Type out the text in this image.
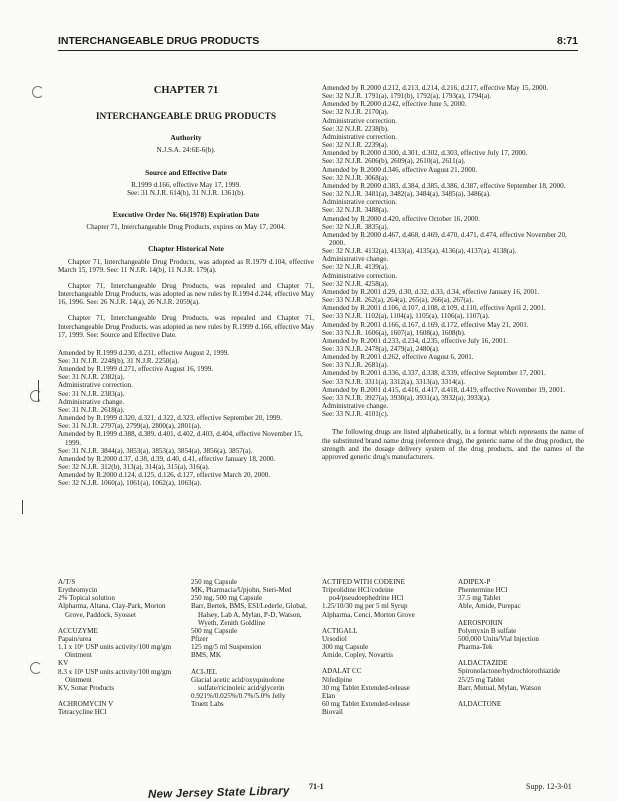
INTERCHANGEABLE DRUG PRODUCTS	8:71
CHAPTER 71
INTERCHANGEABLE DRUG PRODUCTS
Authority
N.J.S.A. 24:6E-6(b).
Source and Effective Date
R.1999 d.166, effective May 17, 1999.
See: 31 N.J.R. 614(b), 31 N.J.R. 1361(b).
Executive Order No. 66(1978) Expiration Date
Chapter 71, Interchangeable Drug Products, expires on May 17, 2004.
Chapter Historical Note
Chapter 71, Interchangeable Drug Products, was adopted as R.1979 d.104, effective March 15, 1979. See: 11 N.J.R. 14(b), 11 N.J.R. 179(a).
Chapter 71, Interchangeable Drug Products, was repealed and Chapter 71, Interchangeable Drug Products, was adopted as new rules by R.1994 d.244, effective May 16, 1996. See: 26 N.J.R. 14(a), 26 N.J.R. 2059(a).
Chapter 71, Interchangeable Drug Products, was repealed and Chapter 71, Interchangeable Drug Products, was adopted as new rules by R.1999 d.166, effective May 17, 1999. See: Source and Effective Date.
Amended by R.1999 d.230, d.231, effective August 2, 1999.
See: 31 N.J.R. 2248(b), 31 N.J.R. 2250(a).
Amended by R.1999 d.271, effective August 16, 1999.
See: 31 N.J.R. 2382(a).
Administrative correction.
See: 31 N.J.R. 2383(a).
Administrative change.
See: 31 N.J.R. 2618(a).
Amended by R.1999 d.320, d.321, d.322, d.323, effective September 20, 1999.
See: 31 N.J.R. 2797(a), 2799(a), 2800(a), 2801(a).
Amended by R.1999 d.388, d.389, d.401, d.402, d.403, d.404, effective November 15, 1999.
See: 31 N.J.R. 3844(a), 3853(a), 3853(a), 3854(a), 3856(a), 3857(a).
Amended by R.2000 d.37, d.38, d.39, d.40, d.41, effective January 18, 2000.
See: 32 N.J.R. 312(b), 313(a), 314(a), 315(a), 316(a).
Amended by R.2000 d.124, d.125, d.126, d.127, effective March 20, 2000.
See: 32 N.J.R. 1060(a), 1061(a), 1062(a), 1063(a).
Amended by R.2000 d.212, d.213, d.214, d.216, d.217, effective May 15, 2000.
See: 32 N.J.R. 1791(a), 1791(b), 1792(a), 1793(a), 1794(a).
Amended by R.2000 d.242, effective June 5, 2000.
See: 32 N.J.R. 2170(a).
Administrative correction.
See: 32 N.J.R. 2238(b).
Administrative correction.
See: 32 N.J.R. 2239(a).
Amended by R.2000 d.300, d.301, d.302, d.303, effective July 17, 2000.
See: 32 N.J.R. 2606(b), 2609(a), 2610(a), 2611(a).
Amended by R.2000 d.346, effective August 21, 2000.
See: 32 N.J.R. 3068(a).
Amended by R.2000 d.383, d.384, d.385, d.386, d.387, effective September 18, 2000.
See: 32 N.J.R. 3481(a), 3482(a), 3484(a), 3485(a), 3486(a).
Administrative correction.
See: 32 N.J.R. 3488(a).
Amended by R.2000 d.420, effective October 16, 2000.
See: 32 N.J.R. 3835(a).
Amended by R.2000 d.467, d.468, d.469, d.470, d.471, d.474, effective November 20, 2000.
See: 32 N.J.R. 4132(a), 4133(a), 4135(a), 4136(a), 4137(a), 4138(a).
Administrative change.
See: 32 N.J.R. 4139(a).
Administrative correction.
See: 32 N.J.R. 4258(a).
Amended by R.2001 d.29, d.30, d.32, d.33, d.34, effective January 16, 2001.
See: 33 N.J.R. 262(a), 264(a), 265(a), 266(a), 267(a).
Amended by R.2001 d.106, d.107, d.108, d.109, d.110, effective April 2, 2001.
See: 33 N.J.R. 1102(a), 1104(a), 1105(a), 1106(a), 1107(a).
Amended by R.2001 d.166, d.167, d.169, d.172, effective May 21, 2001.
See: 33 N.J.R. 1606(a), 1607(a), 1608(a), 1608(b).
Amended by R.2001 d.233, d.234, d.235, effective July 16, 2001.
See: 33 N.J.R. 2478(a), 2479(a), 2480(a).
Amended by R.2001 d.262, effective August 6, 2001.
See: 33 N.J.R. 2681(a).
Amended by R.2001 d.336, d.337, d.338, d.339, effective September 17, 2001.
See: 33 N.J.R. 3311(a), 3312(a), 3313(a), 3314(a).
Amended by R.2001 d.415, d.416, d.417, d.418, d.419, effective November 19, 2001.
See: 33 N.J.R. 3927(a), 3930(a), 3931(a), 3932(a), 3933(a).
Administrative change.
See: 33 N.J.R. 4101(c).
The following drugs are listed alphabetically, in a format which represents the name of the substituted brand name drug (reference drug), the generic name of the drug product, the strength and the dosage delivery system of the drug products, and the names of the approved generic drug's manufacturers.
A/T/S
Erythromycin
2% Topical solution
Alpharma, Altana, Clay-Park, Morton Grove, Paddock, Syosset
ACCUZYME
Papain/urea
1.1 x 10⁶ USP units activity/100 mg/gm Ointment
KV
8.3 x 10⁵ USP units activity/100 mg/gm Ointment
KV, Sonar Products
ACHROMYCIN V
Tetracycline HCl
250 mg Capsule
MK, Pharmacia/Upjohn, Steri-Med
250 mg, 500 mg Capsule
Barr, Bertek, BMS, ESI/Lederle, Global, Halsey, Lab A, Mylan, P-D, Watson, Wyeth, Zenith Goldline
500 mg Capsule
Pfizer
125 mg/5 ml Suspension
BMS, MK
ACI-JEL
Glacial acetic acid/oxyquinolone sulfate/ricinoleic acid/glycerin
0.921%/0.025%/0.7%/5.0% Jelly
Truett Labs
ACTIFED WITH CODEINE
Triprolidine HCl/codeine po4/pseudoephedrine HCl
1.25/10/30 mg per 5 ml Syrup
Alpharma, Cenci, Morton Grove
ACTIGALL
Ursodiol
300 mg Capsule
Amide, Copley, Novartis
ADALAT CC
Nifedipine
30 mg Tablet Extended-release
Elan
60 mg Tablet Extended-release
Biovail
ADIPEX-P
Phentermine HCl
37.5 mg Tablet
Able, Amide, Purepac
AEROSPORIN
Polymyxin B sulfate
500,000 Units/Vial Injection
Pharma-Tek
ALDACTAZIDE
Spironolactone/hydrochlorothiazide
25/25 mg Tablet
Barr, Mutual, Mylan, Watson
ALDACTONE
71-1	Supp. 12-3-01
New Jersey State Library
